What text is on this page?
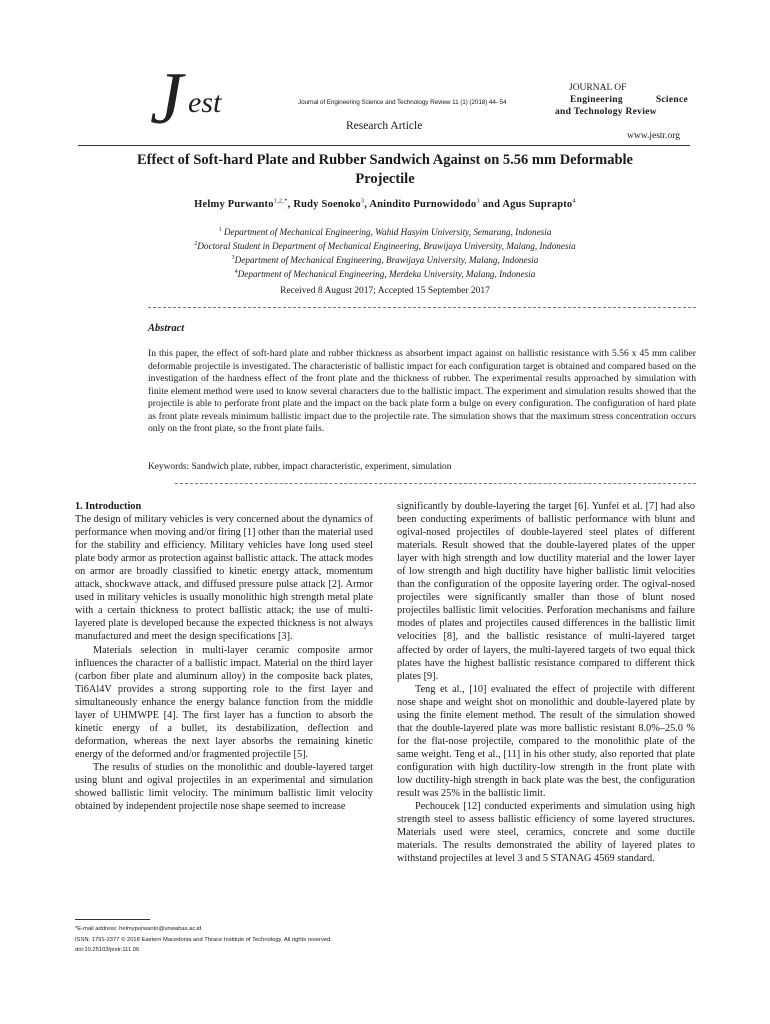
J est	Journal of Engineering Science and Technology Review 11 (1) (2018) 44- 54
JOURNAL OF
Engineering	Science
and Technology Review
Research Article
www.jestr.org
Effect of Soft-hard Plate and Rubber Sandwich Against on 5.56 mm Deformable Projectile
Helmy Purwanto$^{1,2,*}$, Rudy Soenoko$^3$, Anindito Purnowidodo$^3$ and Agus Suprapto$^4$
$^1$ Department of Mechanical Engineering, Wahid Hasyim University, Semarang, Indonesia
$^2$Doctoral Student in Department of Mechanical Engineering, Brawijaya University, Malang, Indonesia
$^3$Department of Mechanical Engineering, Brawijaya University, Malang, Indonesia
$^4$Department of Mechanical Engineering, Merdeka University, Malang, Indonesia
Received 8 August 2017; Accepted 15 September 2017
Abstract
In this paper, the effect of soft-hard plate and rubber thickness as absorbent impact against on ballistic resistance with 5.56 x 45 mm caliber deformable projectile is investigated. The characteristic of ballistic impact for each configuration target is obtained and compared based on the investigation of the hardness effect of the front plate and the thickness of rubber. The experimental results approached by simulation with finite element method were used to know several characters due to the ballistic impact. The experiment and simulation results showed that the projectile is able to perforate front plate and the impact on the back plate form a bulge on every configuration. The configuration of hard plate as front plate reveals minimum ballistic impact due to the projectile rate. The simulation shows that the maximum stress concentration occurs only on the front plate, so the front plate fails.
Keywords: Sandwich plate, rubber, impact characteristic, experiment, simulation
1. Introduction

The design of military vehicles is very concerned about the dynamics of performance when moving and/or firing [1] other than the material used for the stability and efficiency. Military vehicles have long used steel plate body armor as protection against ballistic attack. The attack modes on armor are broadly classified to kinetic energy attack, momentum attack, shockwave attack, and diffused pressure pulse attack [2]. Armor used in military vehicles is usually monolithic high strength metal plate with a certain thickness to protect ballistic attack; the use of multi-layered plate is developed because the expected thickness is not always manufactured and meet the design specifications [3].

Materials selection in multi-layer ceramic composite armor influences the character of a ballistic impact. Material on the third layer (carbon fiber plate and aluminum alloy) in the composite back plates, Ti6Al4V provides a strong supporting role to the first layer and simultaneously enhance the energy balance function from the middle layer of UHMWPE [4]. The first layer has a function to absorb the kinetic energy of a bullet, its destabilization, deflection and deformation, whereas the next layer absorbs the remaining kinetic energy of the deformed and/or fragmented projectile [5].

The results of studies on the monolithic and double-layered target using blunt and ogival projectiles in an experimental and simulation showed ballistic limit velocity. The minimum ballistic limit velocity obtained by independent projectile nose shape seemed to increase

significantly by double-layering the target [6]. Yunfei et al. [7] had also been conducting experiments of ballistic performance with blunt and ogival-nosed projectiles of double-layered steel plates of different materials. Result showed that the double-layered plates of the upper layer with high strength and low ductility material and the lower layer of low strength and high ductility have higher ballistic limit velocities than the configuration of the opposite layering order. The ogival-nosed projectiles were significantly smaller than those of blunt nosed projectiles ballistic limit velocities. Perforation mechanisms and failure modes of plates and projectiles caused differences in the ballistic limit velocities [8], and the ballistic resistance of multi-layered target affected by order of layers, the multi-layered targets of two equal thick plates have the highest ballistic resistance compared to different thick plates [9].

Teng et al., [10] evaluated the effect of projectile with different nose shape and weight shot on monolithic and double-layered plate by using the finite element method. The result of the simulation showed that the double-layered plate was more ballistic resistant 8.0%–25.0 % for the flat-nose projectile, compared to the monolithic plate of the same weight. Teng et al., [11] in his other study, also reported that plate configuration with high ductility-low strength in the front plate with low ductility-high strength in back plate was the best, the configuration result was 25% in the ballistic limit.

Pechoucek [12] conducted experiments and simulation using high strength steel to assess ballistic efficiency of some layered structures. Materials used were steel, ceramics, concrete and some ductile materials. The results demonstrated the ability of layered plates to withstand projectiles at level 3 and 5 STANAG 4569 standard.

*E-mail address: helmypurwanto@unwahas.ac.id
ISSN: 1791-2377 © 2018 Eastern Macedonia and Thrace Institute of Technology. All rights reserved.
doi:10.25103/jestr.111.06
